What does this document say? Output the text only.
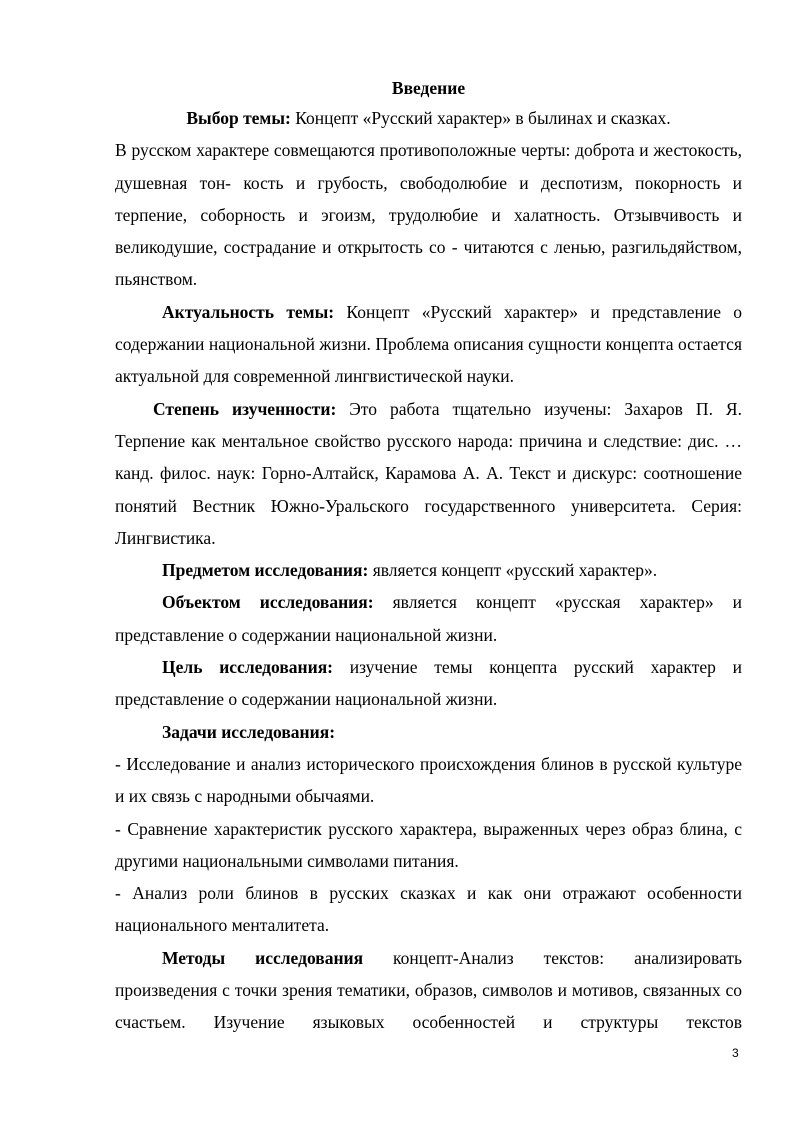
Введение

Выбор темы: Концепт «Русский характер» в былинах и сказках.

В русском характере совмещаются противоположные черты: доброта и жестокость, душевная тон- кость и грубость, свободолюбие и деспотизм, покорность и терпение, соборность и эгоизм, трудолюбие и халатность. Отзывчивость и великодушие, сострадание и открытость со - читаются с ленью, разгильдяйством, пьянством.

Актуальность темы: Концепт «Русский характер» и представление о содержании национальной жизни. Проблема описания сущности концепта остается актуальной для современной лингвистической науки.

Степень изученности: Это работа тщательно изучены: Захаров П. Я. Терпение как ментальное свойство русского народа: причина и следствие: дис. … канд. филос. наук: Горно-Алтайск, Карамова А. А. Текст и дискурс: соотношение понятий Вестник Южно-Уральского государственного университета. Серия: Лингвистика.

Предметом исследования: является концепт «русский характер».

Объектом исследования: является концепт «русская характер» и представление о содержании национальной жизни.

Цель исследования: изучение темы концепта русский характер и представление о содержании национальной жизни.

Задачи исследования:

- Исследование и анализ исторического происхождения блинов в русской культуре и их связь с народными обычаями.

- Сравнение характеристик русского характера, выраженных через образ блина, с другими национальными символами питания.

- Анализ роли блинов в русских сказках и как они отражают особенности национального менталитета.

Методы исследования концепт-Анализ текстов: анализировать произведения с точки зрения тематики, образов, символов и мотивов, связанных со счастьем. Изучение языковых особенностей и структуры текстов

3
